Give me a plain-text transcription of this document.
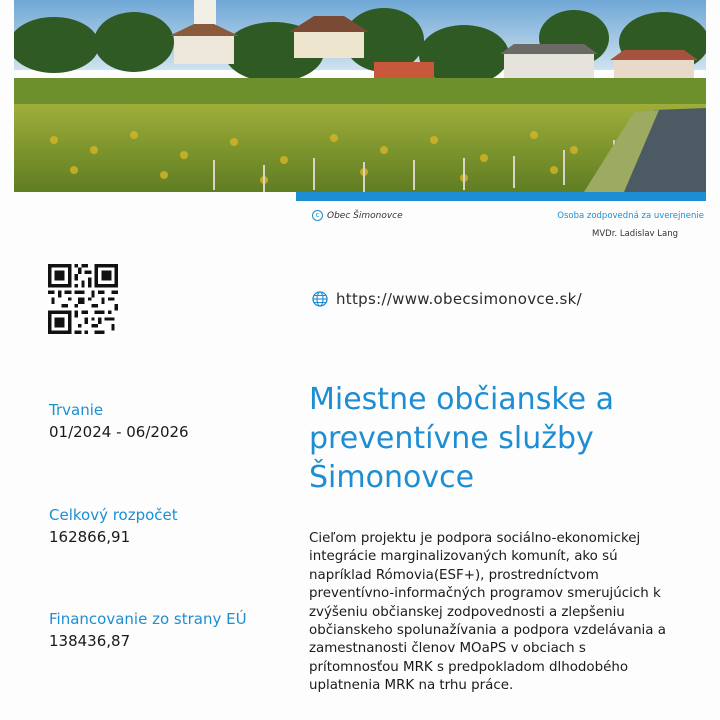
c Obec Šimonovce	Osoba zodpovedná za uverejnenie
MVDr. Ladislav Lang
https://www.obecsimonovce.sk/
Trvanie
01/2024 - 06/2026
Celkový rozpočet
162866,91
Financovanie zo strany EÚ
138436,87
Miestne občianske a preventívne služby Šimonovce

Cieľom projektu je podpora sociálno-ekonomickej integrácie marginalizovaných komunít, ako sú napríklad Rómovia(ESF+), prostredníctvom preventívno-informačných programov smerujúcich k zvýšeniu občianskej zodpovednosti a zlepšeniu občianskeho spolunažívania a podpora vzdelávania a zamestnanosti členov MOaPS v obciach s prítomnosťou MRK s predpokladom dlhodobého uplatnenia MRK na trhu práce.
